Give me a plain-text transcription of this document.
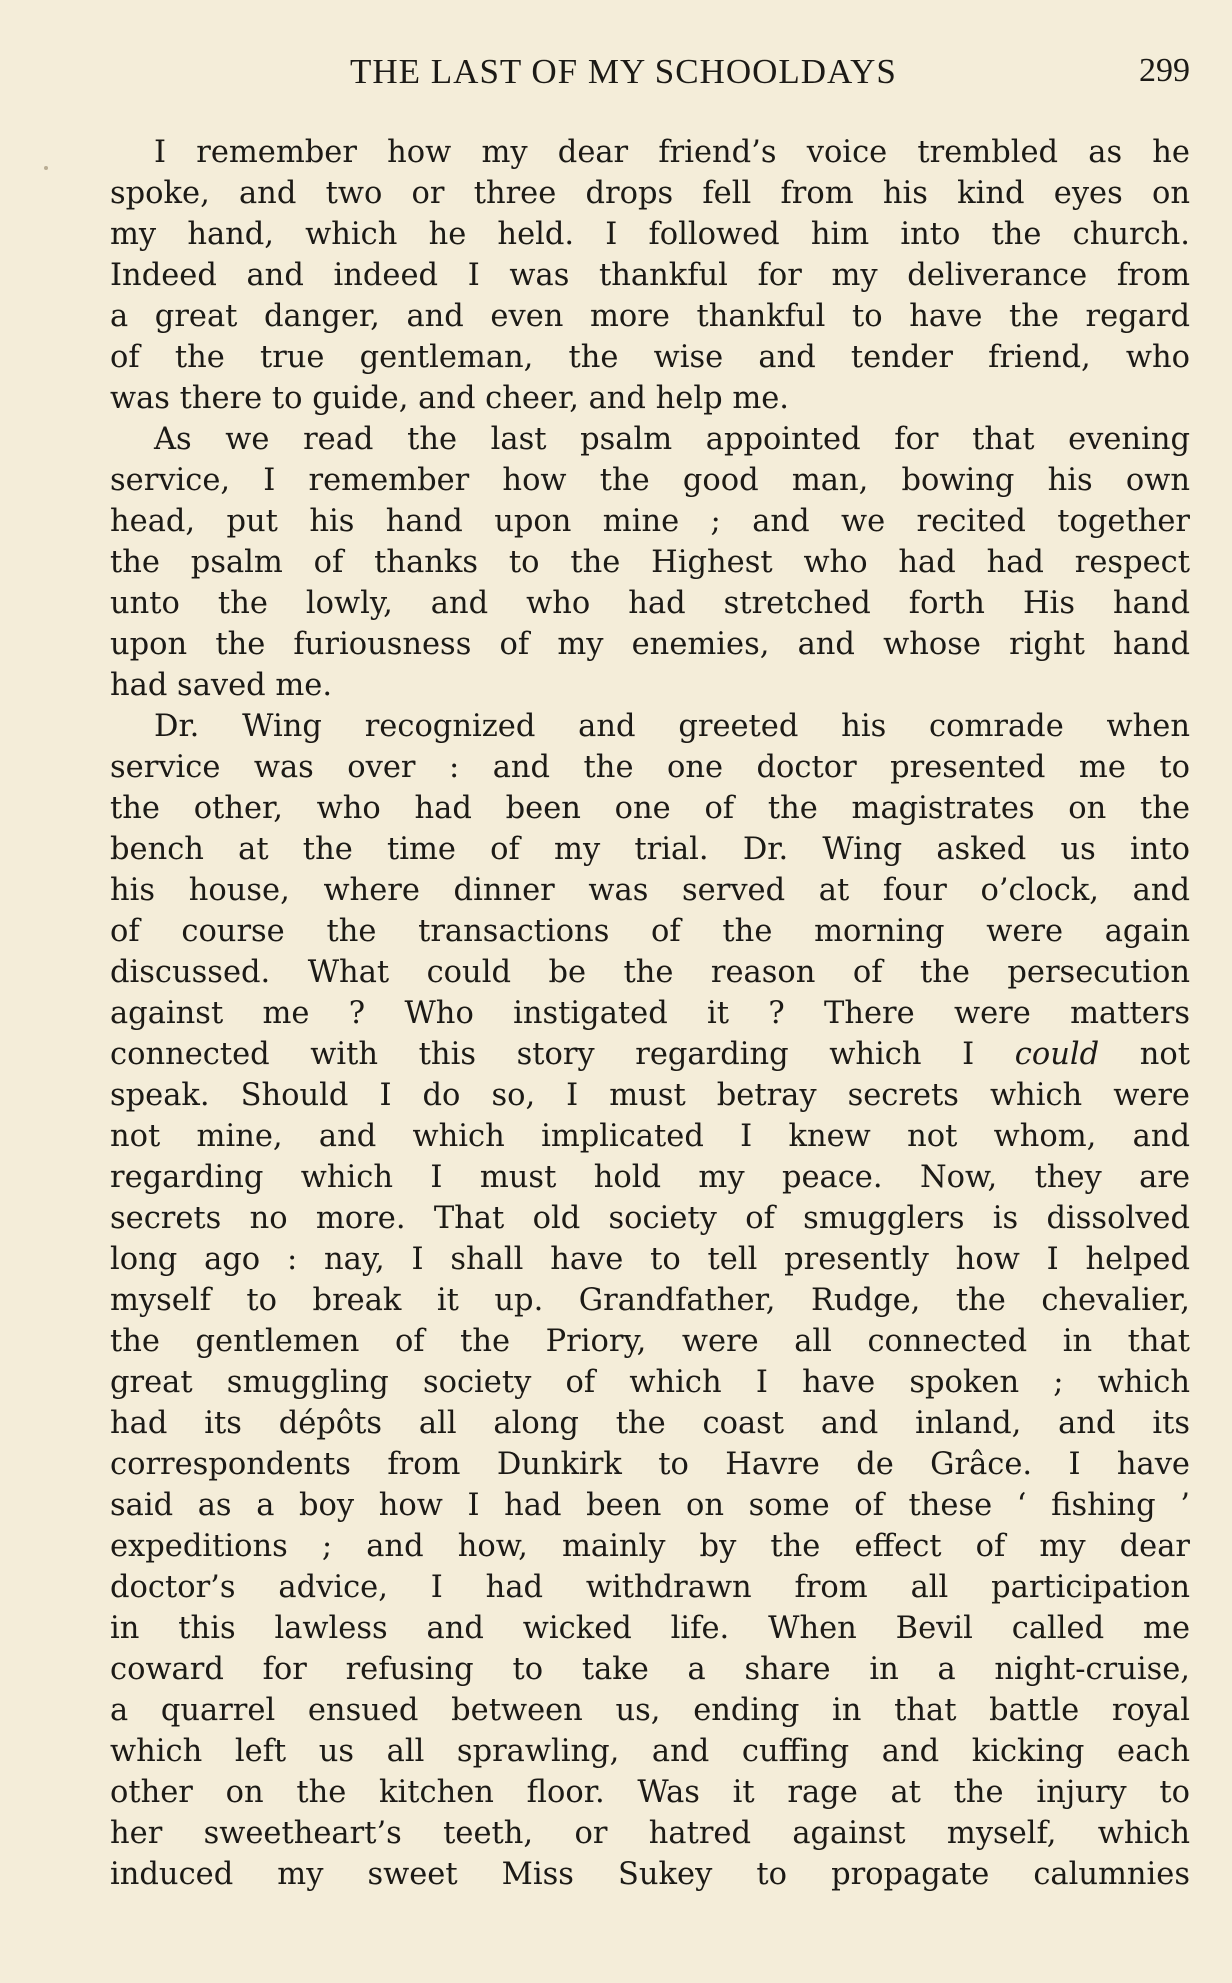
THE LAST OF MY SCHOOLDAYS	299
I remember how my dear friend’s voice trembled as he
spoke, and two or three drops fell from his kind eyes on
my hand, which he held. I followed him into the church.
Indeed and indeed I was thankful for my deliverance from
a great danger, and even more thankful to have the regard
of the true gentleman, the wise and tender friend, who
was there to guide, and cheer, and help me.
As we read the last psalm appointed for that evening
service, I remember how the good man, bowing his own
head, put his hand upon mine ; and we recited together
the psalm of thanks to the Highest who had had respect
unto the lowly, and who had stretched forth His hand
upon the furiousness of my enemies, and whose right hand
had saved me.
Dr. Wing recognized and greeted his comrade when
service was over : and the one doctor presented me to
the other, who had been one of the magistrates on the
bench at the time of my trial. Dr. Wing asked us into
his house, where dinner was served at four o’clock, and
of course the transactions of the morning were again
discussed. What could be the reason of the persecution
against me ? Who instigated it ? There were matters
connected with this story regarding which I could not
speak. Should I do so, I must betray secrets which were
not mine, and which implicated I knew not whom, and
regarding which I must hold my peace. Now, they are
secrets no more. That old society of smugglers is dissolved
long ago : nay, I shall have to tell presently how I helped
myself to break it up. Grandfather, Rudge, the chevalier,
the gentlemen of the Priory, were all connected in that
great smuggling society of which I have spoken ; which
had its dépôts all along the coast and inland, and its
correspondents from Dunkirk to Havre de Grâce. I have
said as a boy how I had been on some of these ‘ fishing ’
expeditions ; and how, mainly by the effect of my dear
doctor’s advice, I had withdrawn from all participation
in this lawless and wicked life. When Bevil called me
coward for refusing to take a share in a night-cruise,
a quarrel ensued between us, ending in that battle royal
which left us all sprawling, and cuffing and kicking each
other on the kitchen floor. Was it rage at the injury to
her sweetheart’s teeth, or hatred against myself, which
induced my sweet Miss Sukey to propagate calumnies
